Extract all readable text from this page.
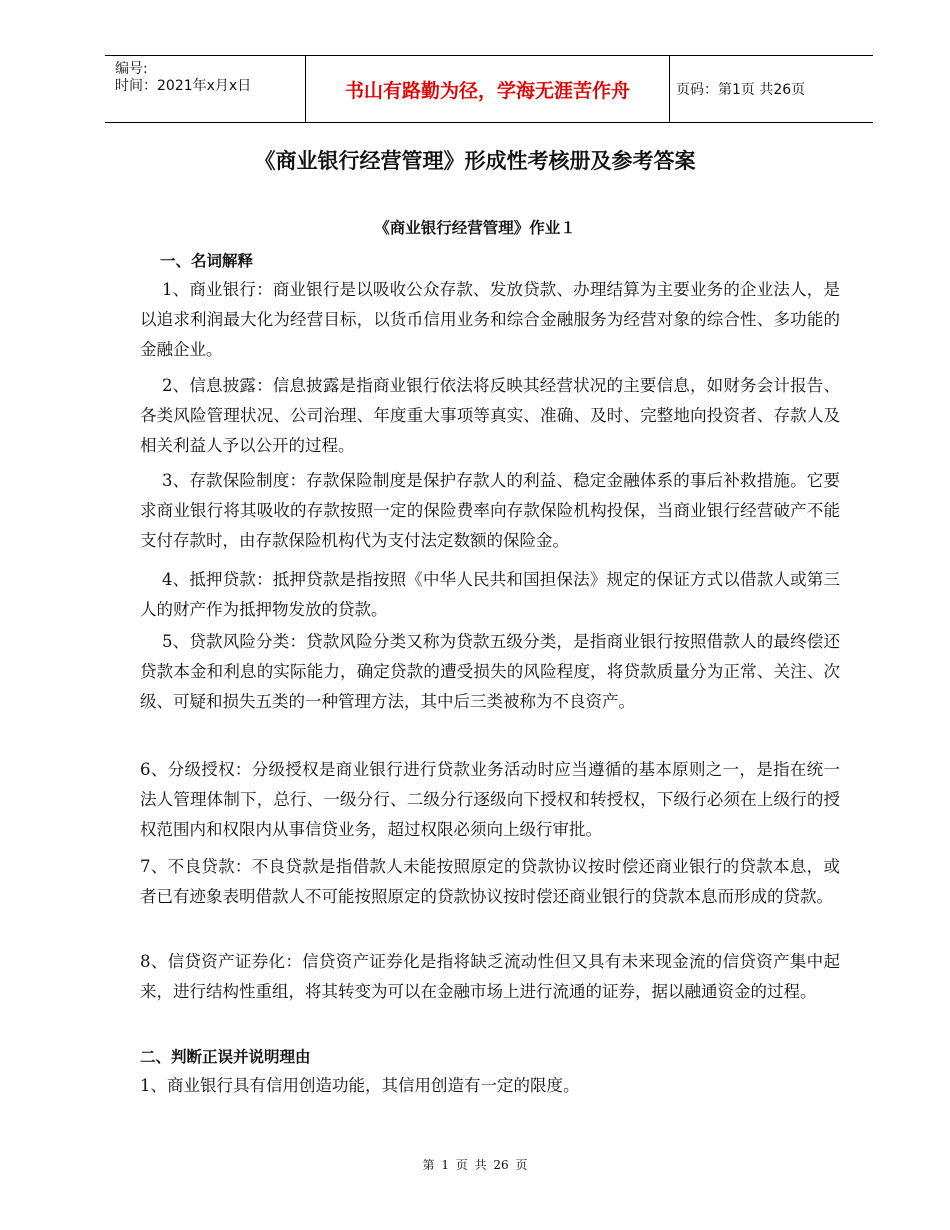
编号:
时间：2021年x月x日	书山有路勤为径，学海无涯苦作舟	页码：第1页 共26页
《商业银行经营管理》形成性考核册及参考答案
《商业银行经营管理》作业１
一、名词解释

1、商业银行：商业银行是以吸收公众存款、发放贷款、办理结算为主要业务的企业法人，是以追求利润最大化为经营目标，以货币信用业务和综合金融服务为经营对象的综合性、多功能的金融企业。

2、信息披露：信息披露是指商业银行依法将反映其经营状况的主要信息，如财务会计报告、各类风险管理状况、公司治理、年度重大事项等真实、准确、及时、完整地向投资者、存款人及相关利益人予以公开的过程。

3、存款保险制度：存款保险制度是保护存款人的利益、稳定金融体系的事后补救措施。它要求商业银行将其吸收的存款按照一定的保险费率向存款保险机构投保，当商业银行经营破产不能支付存款时，由存款保险机构代为支付法定数额的保险金。

4、抵押贷款：抵押贷款是指按照《中华人民共和国担保法》规定的保证方式以借款人或第三人的财产作为抵押物发放的贷款。

5、贷款风险分类：贷款风险分类又称为贷款五级分类，是指商业银行按照借款人的最终偿还贷款本金和利息的实际能力，确定贷款的遭受损失的风险程度，将贷款质量分为正常、关注、次级、可疑和损失五类的一种管理方法，其中后三类被称为不良资产。

6、分级授权：分级授权是商业银行进行贷款业务活动时应当遵循的基本原则之一，是指在统一法人管理体制下，总行、一级分行、二级分行逐级向下授权和转授权，下级行必须在上级行的授权范围内和权限内从事信贷业务，超过权限必须向上级行审批。

7、不良贷款：不良贷款是指借款人未能按照原定的贷款协议按时偿还商业银行的贷款本息，或者已有迹象表明借款人不可能按照原定的贷款协议按时偿还商业银行的贷款本息而形成的贷款。

8、信贷资产证券化：信贷资产证券化是指将缺乏流动性但又具有未来现金流的信贷资产集中起来，进行结构性重组，将其转变为可以在金融市场上进行流通的证券，据以融通资金的过程。

二、判断正误并说明理由

1、商业银行具有信用创造功能，其信用创造有一定的限度。

第 1 页 共 26 页
